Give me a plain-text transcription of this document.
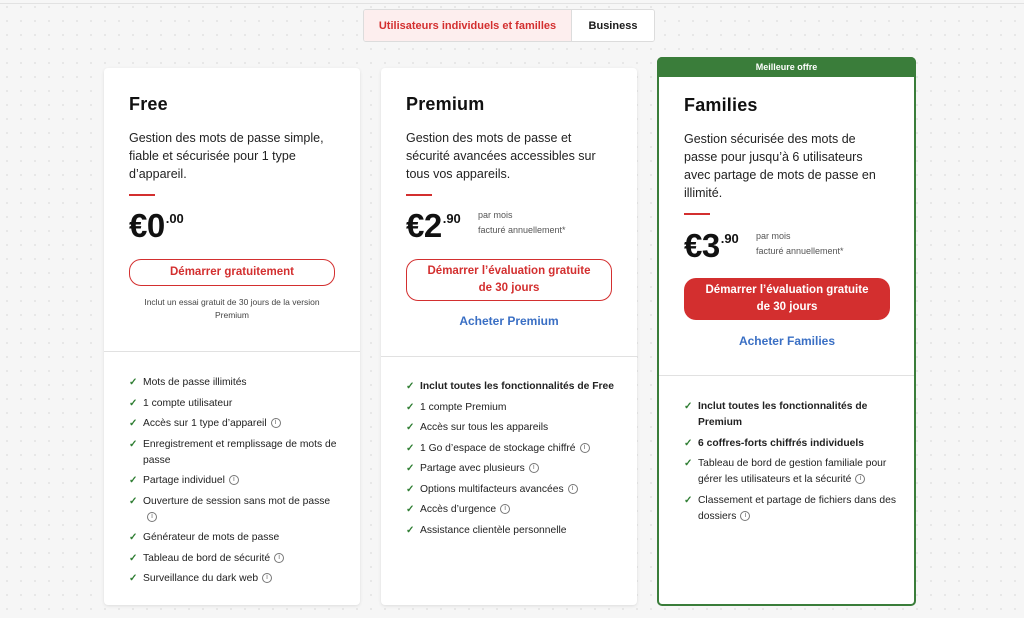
Utilisateurs individuels et familles	Business
Free
Gestion des mots de passe simple, fiable et sécurisée pour 1 type d’appareil.
€0 .00
Démarrer gratuitement
Inclut un essai gratuit de 30 jours de la version Premium
✓ Mots de passe illimités
✓ 1 compte utilisateur
✓ Accès sur 1 type d’appareil i
✓ Enregistrement et remplissage de mots de passe
✓ Partage individuel i
✓ Ouverture de session sans mot de passei
✓ Générateur de mots de passe
✓ Tableau de bord de sécurité i
✓ Surveillance du dark web i
Premium
Gestion des mots de passe et sécurité avancées accessibles sur tous vos appareils.
€2 .90 par mois
facturé annuellement*
Démarrer l’évaluation gratuite de 30 jours
Acheter Premium
✓ Inclut toutes les fonctionnalités de Free
✓ 1 compte Premium
✓ Accès sur tous les appareils
✓ 1 Go d’espace de stockage chiffré i
✓ Partage avec plusieurs i
✓ Options multifacteurs avancées i
✓ Accès d’urgence i
✓ Assistance clientèle personnelle
Meilleure offre
Families
Gestion sécurisée des mots de passe pour jusqu’à 6 utilisateurs avec partage de mots de passe en illimité.
€3 .90 par mois
facturé annuellement*
Démarrer l’évaluation gratuite de 30 jours
Acheter Families
✓ Inclut toutes les fonctionnalités de Premium
✓ 6 coffres-forts chiffrés individuels
✓ Tableau de bord de gestion familiale pour gérer les utilisateurs et la sécurité i
✓ Classement et partage de fichiers dans des dossiers i
